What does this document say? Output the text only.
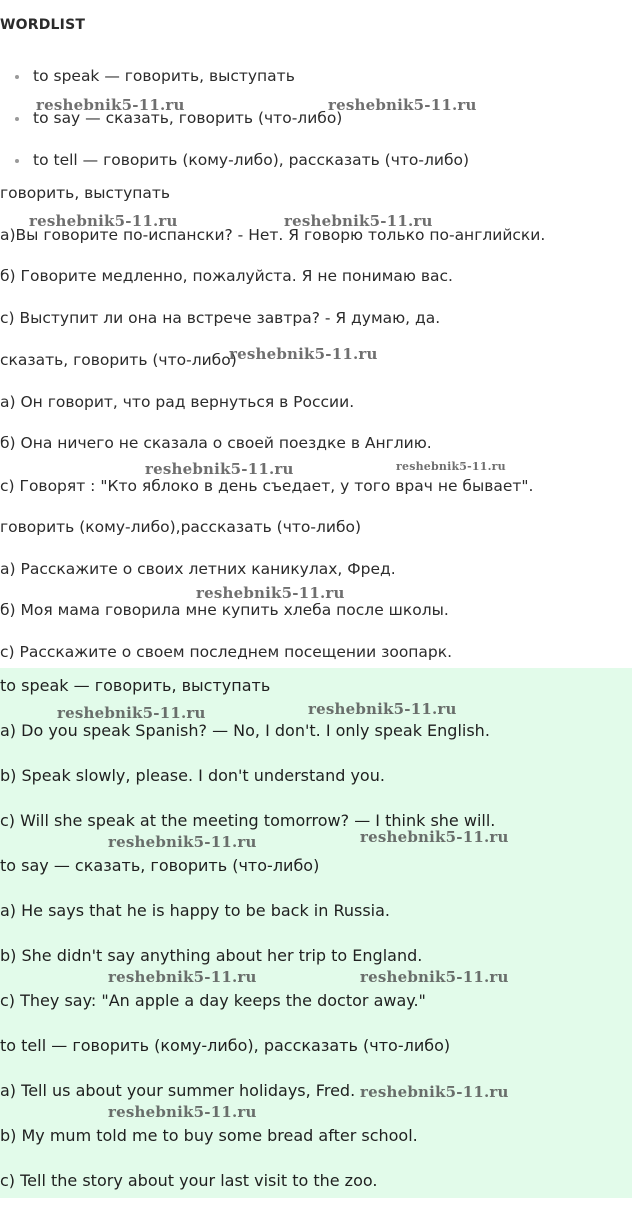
WORDLIST
to speak — говорить, выступать
to say — сказать, говорить (что-либо)
to tell — говорить (кому-либо), рассказать (что-либо)
говорить, выступать
а)Вы говорите по-испански? - Нет. Я говорю только по-английски.
б) Говорите медленно, пожалуйста. Я не понимаю вас.
с) Выступит ли она на встрече завтра? - Я думаю, да.
сказать, говорить (что-либо)
а) Он говорит, что рад вернуться в России.
б) Она ничего не сказала о своей поездке в Англию.
с) Говорят : "Кто яблоко в день съедает, у того врач не бывает".
говорить (кому-либо),рассказать (что-либо)
а) Расскажите о своих летних каникулах, Фред.
б) Моя мама говорила мне купить хлеба после школы.
с) Расскажите о своем последнем посещении зоопарк.
to speak — говорить, выступать
a) Do you speak Spanish? — No, I don't. I only speak English.
b) Speak slowly, please. I don't understand you.
c) Will she speak at the meeting tomorrow? — I think she will.
to say — сказать, говорить (что-либо)
a) He says that he is happy to be back in Russia.
b) She didn't say anything about her trip to England.
c) They say: "An apple a day keeps the doctor away."
to tell — говорить (кому-либо), рассказать (что-либо)
a) Tell us about your summer holidays, Fred.
b) My mum told me to buy some bread after school.
c) Tell the story about your last visit to the zoo.
reshebnik5-11.ru	reshebnik5-11.ru
reshebnik5-11.ru	reshebnik5-11.ru
reshebnik5-11.ru
reshebnik5-11.ru	reshebnik5-11.ru
reshebnik5-11.ru
reshebnik5-11.ru	reshebnik5-11.ru
reshebnik5-11.ru	reshebnik5-11.ru
reshebnik5-11.ru	reshebnik5-11.ru
reshebnik5-11.ru
reshebnik5-11.ru
